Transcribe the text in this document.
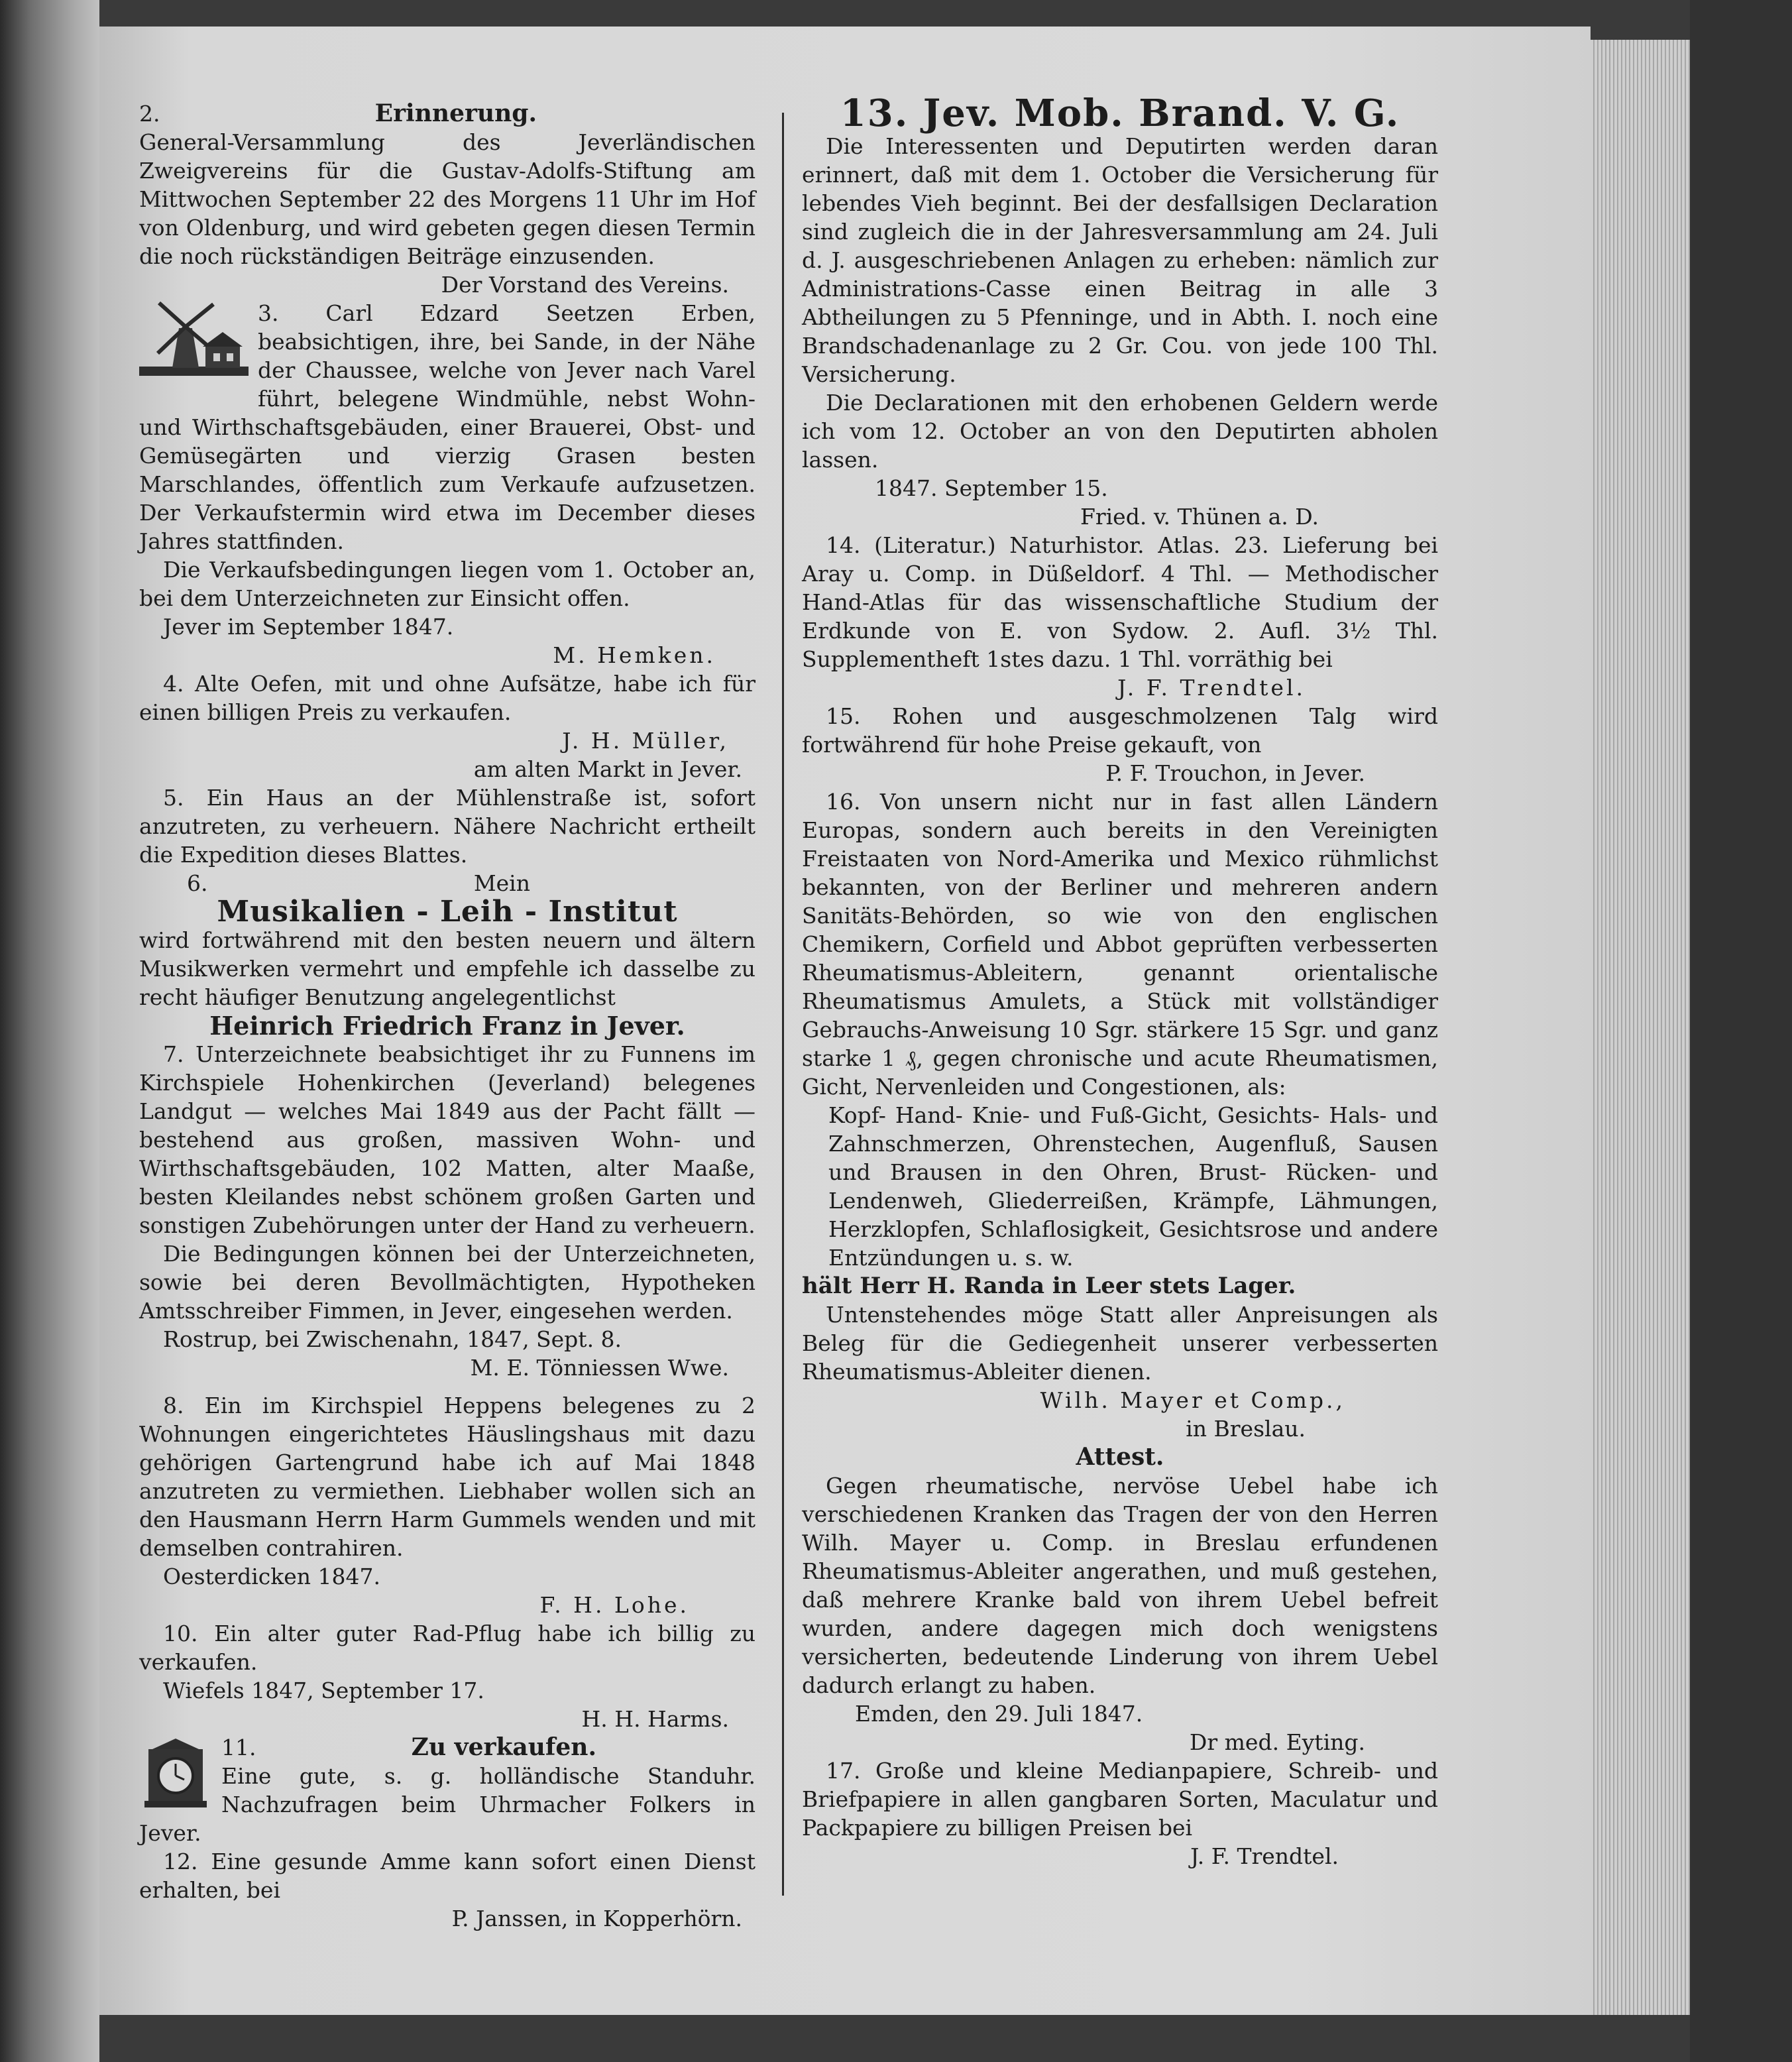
2.	Erinnerung.

General-Versammlung des Jeverländischen Zweigvereins für die Gustav-Adolfs-Stiftung am Mittwochen September 22 des Morgens 11 Uhr im Hof von Oldenburg, und wird gebeten gegen diesen Termin die noch rückständigen Beiträge einzusenden.

Der Vorstand des Vereins.

3. Carl Edzard Seetzen Erben, beabsichtigen, ihre, bei Sande, in der Nähe der Chaussee, welche von Jever nach Varel führt, belegene Windmühle, nebst Wohn- und Wirthschaftsgebäuden, einer Brauerei, Obst- und Gemüsegärten und vierzig Grasen besten Marschlandes, öffentlich zum Verkaufe aufzusetzen. Der Verkaufstermin wird etwa im December dieses Jahres stattfinden.

Die Verkaufsbedingungen liegen vom 1. October an, bei dem Unterzeichneten zur Einsicht offen.

Jever im September 1847.

M. Hemken.

4. Alte Oefen, mit und ohne Aufsätze, habe ich für einen billigen Preis zu verkaufen.

J. H. Müller,

am alten Markt in Jever.

5. Ein Haus an der Mühlenstraße ist, sofort anzutreten, zu verheuern. Nähere Nachricht ertheilt die Expedition dieses Blattes.

6.	Mein

Musikalien - Leih - Institut

wird fortwährend mit den besten neuern und ältern Musikwerken vermehrt und empfehle ich dasselbe zu recht häufiger Benutzung angelegentlichst

Heinrich Friedrich Franz in Jever.

7. Unterzeichnete beabsichtiget ihr zu Funnens im Kirchspiele Hohenkirchen (Jeverland) belegenes Landgut — welches Mai 1849 aus der Pacht fällt — bestehend aus großen, massiven Wohn- und Wirthschaftsgebäuden, 102 Matten, alter Maaße, besten Kleilandes nebst schönem großen Garten und sonstigen Zubehörungen unter der Hand zu verheuern.

Die Bedingungen können bei der Unterzeichneten, sowie bei deren Bevollmächtigten, Hypotheken Amtsschreiber Fimmen, in Jever, eingesehen werden.

Rostrup, bei Zwischenahn, 1847, Sept. 8.

M. E. Tönniessen Wwe.

8. Ein im Kirchspiel Heppens belegenes zu 2 Wohnungen eingerichtetes Häuslingshaus mit dazu gehörigen Gartengrund habe ich auf Mai 1848 anzutreten zu vermiethen. Liebhaber wollen sich an den Hausmann Herrn Harm Gummels wenden und mit demselben contrahiren.

Oesterdicken 1847.

F. H. Lohe.

10. Ein alter guter Rad-Pflug habe ich billig zu verkaufen.

Wiefels 1847, September 17.

H. H. Harms.

11.	Zu verkaufen.

Eine gute, s. g. holländische Standuhr. Nachzufragen beim Uhrmacher Folkers in Jever.

12. Eine gesunde Amme kann sofort einen Dienst erhalten, bei

P. Janssen, in Kopperhörn.

13. Jev. Mob. Brand. V. G.

Die Interessenten und Deputirten werden daran erinnert, daß mit dem 1. October die Versicherung für lebendes Vieh beginnt. Bei der desfallsigen Declaration sind zugleich die in der Jahresversammlung am 24. Juli d. J. ausgeschriebenen Anlagen zu erheben: nämlich zur Administrations-Casse einen Beitrag in alle 3 Abtheilungen zu 5 Pfenninge, und in Abth. I. noch eine Brandschadenanlage zu 2 Gr. Cou. von jede 100 Thl. Versicherung.

Die Declarationen mit den erhobenen Geldern werde ich vom 12. October an von den Deputirten abholen lassen.

1847. September 15.

Fried. v. Thünen a. D.

14. (Literatur.) Naturhistor. Atlas. 23. Lieferung bei Aray u. Comp. in Düßeldorf. 4 Thl. — Methodischer Hand-Atlas für das wissenschaftliche Studium der Erdkunde von E. von Sydow. 2. Aufl. 3½ Thl. Supplementheft 1stes dazu. 1 Thl. vorräthig bei

J. F. Trendtel.

15. Rohen und ausgeschmolzenen Talg wird fortwährend für hohe Preise gekauft, von

P. F. Trouchon, in Jever.

16. Von unsern nicht nur in fast allen Ländern Europas, sondern auch bereits in den Vereinigten Freistaaten von Nord-Amerika und Mexico rühmlichst bekannten, von der Berliner und mehreren andern Sanitäts-Behörden, so wie von den englischen Chemikern, Corfield und Abbot geprüften verbesserten Rheumatismus-Ableitern, genannt orientalische Rheumatismus Amulets, a Stück mit vollständiger Gebrauchs-Anweisung 10 Sgr. stärkere 15 Sgr. und ganz starke 1 ₰, gegen chronische und acute Rheumatismen, Gicht, Nervenleiden und Congestionen, als:

Kopf- Hand- Knie- und Fuß-Gicht, Gesichts- Hals- und Zahnschmerzen, Ohrenstechen, Augenfluß, Sausen und Brausen in den Ohren, Brust- Rücken- und Lendenweh, Gliederreißen, Krämpfe, Lähmungen, Herzklopfen, Schlaflosigkeit, Gesichtsrose und andere Entzündungen u. s. w.

hält Herr H. Randa in Leer stets Lager.

Untenstehendes möge Statt aller Anpreisungen als Beleg für die Gediegenheit unserer verbesserten Rheumatismus-Ableiter dienen.

Wilh. Mayer et Comp.,

in Breslau.

Attest.

Gegen rheumatische, nervöse Uebel habe ich verschiedenen Kranken das Tragen der von den Herren Wilh. Mayer u. Comp. in Breslau erfundenen Rheumatismus-Ableiter angerathen, und muß gestehen, daß mehrere Kranke bald von ihrem Uebel befreit wurden, andere dagegen mich doch wenigstens versicherten, bedeutende Linderung von ihrem Uebel dadurch erlangt zu haben.

Emden, den 29. Juli 1847.

Dr med. Eyting.

17. Große und kleine Medianpapiere, Schreib- und Briefpapiere in allen gangbaren Sorten, Maculatur und Packpapiere zu billigen Preisen bei

J. F. Trendtel.
